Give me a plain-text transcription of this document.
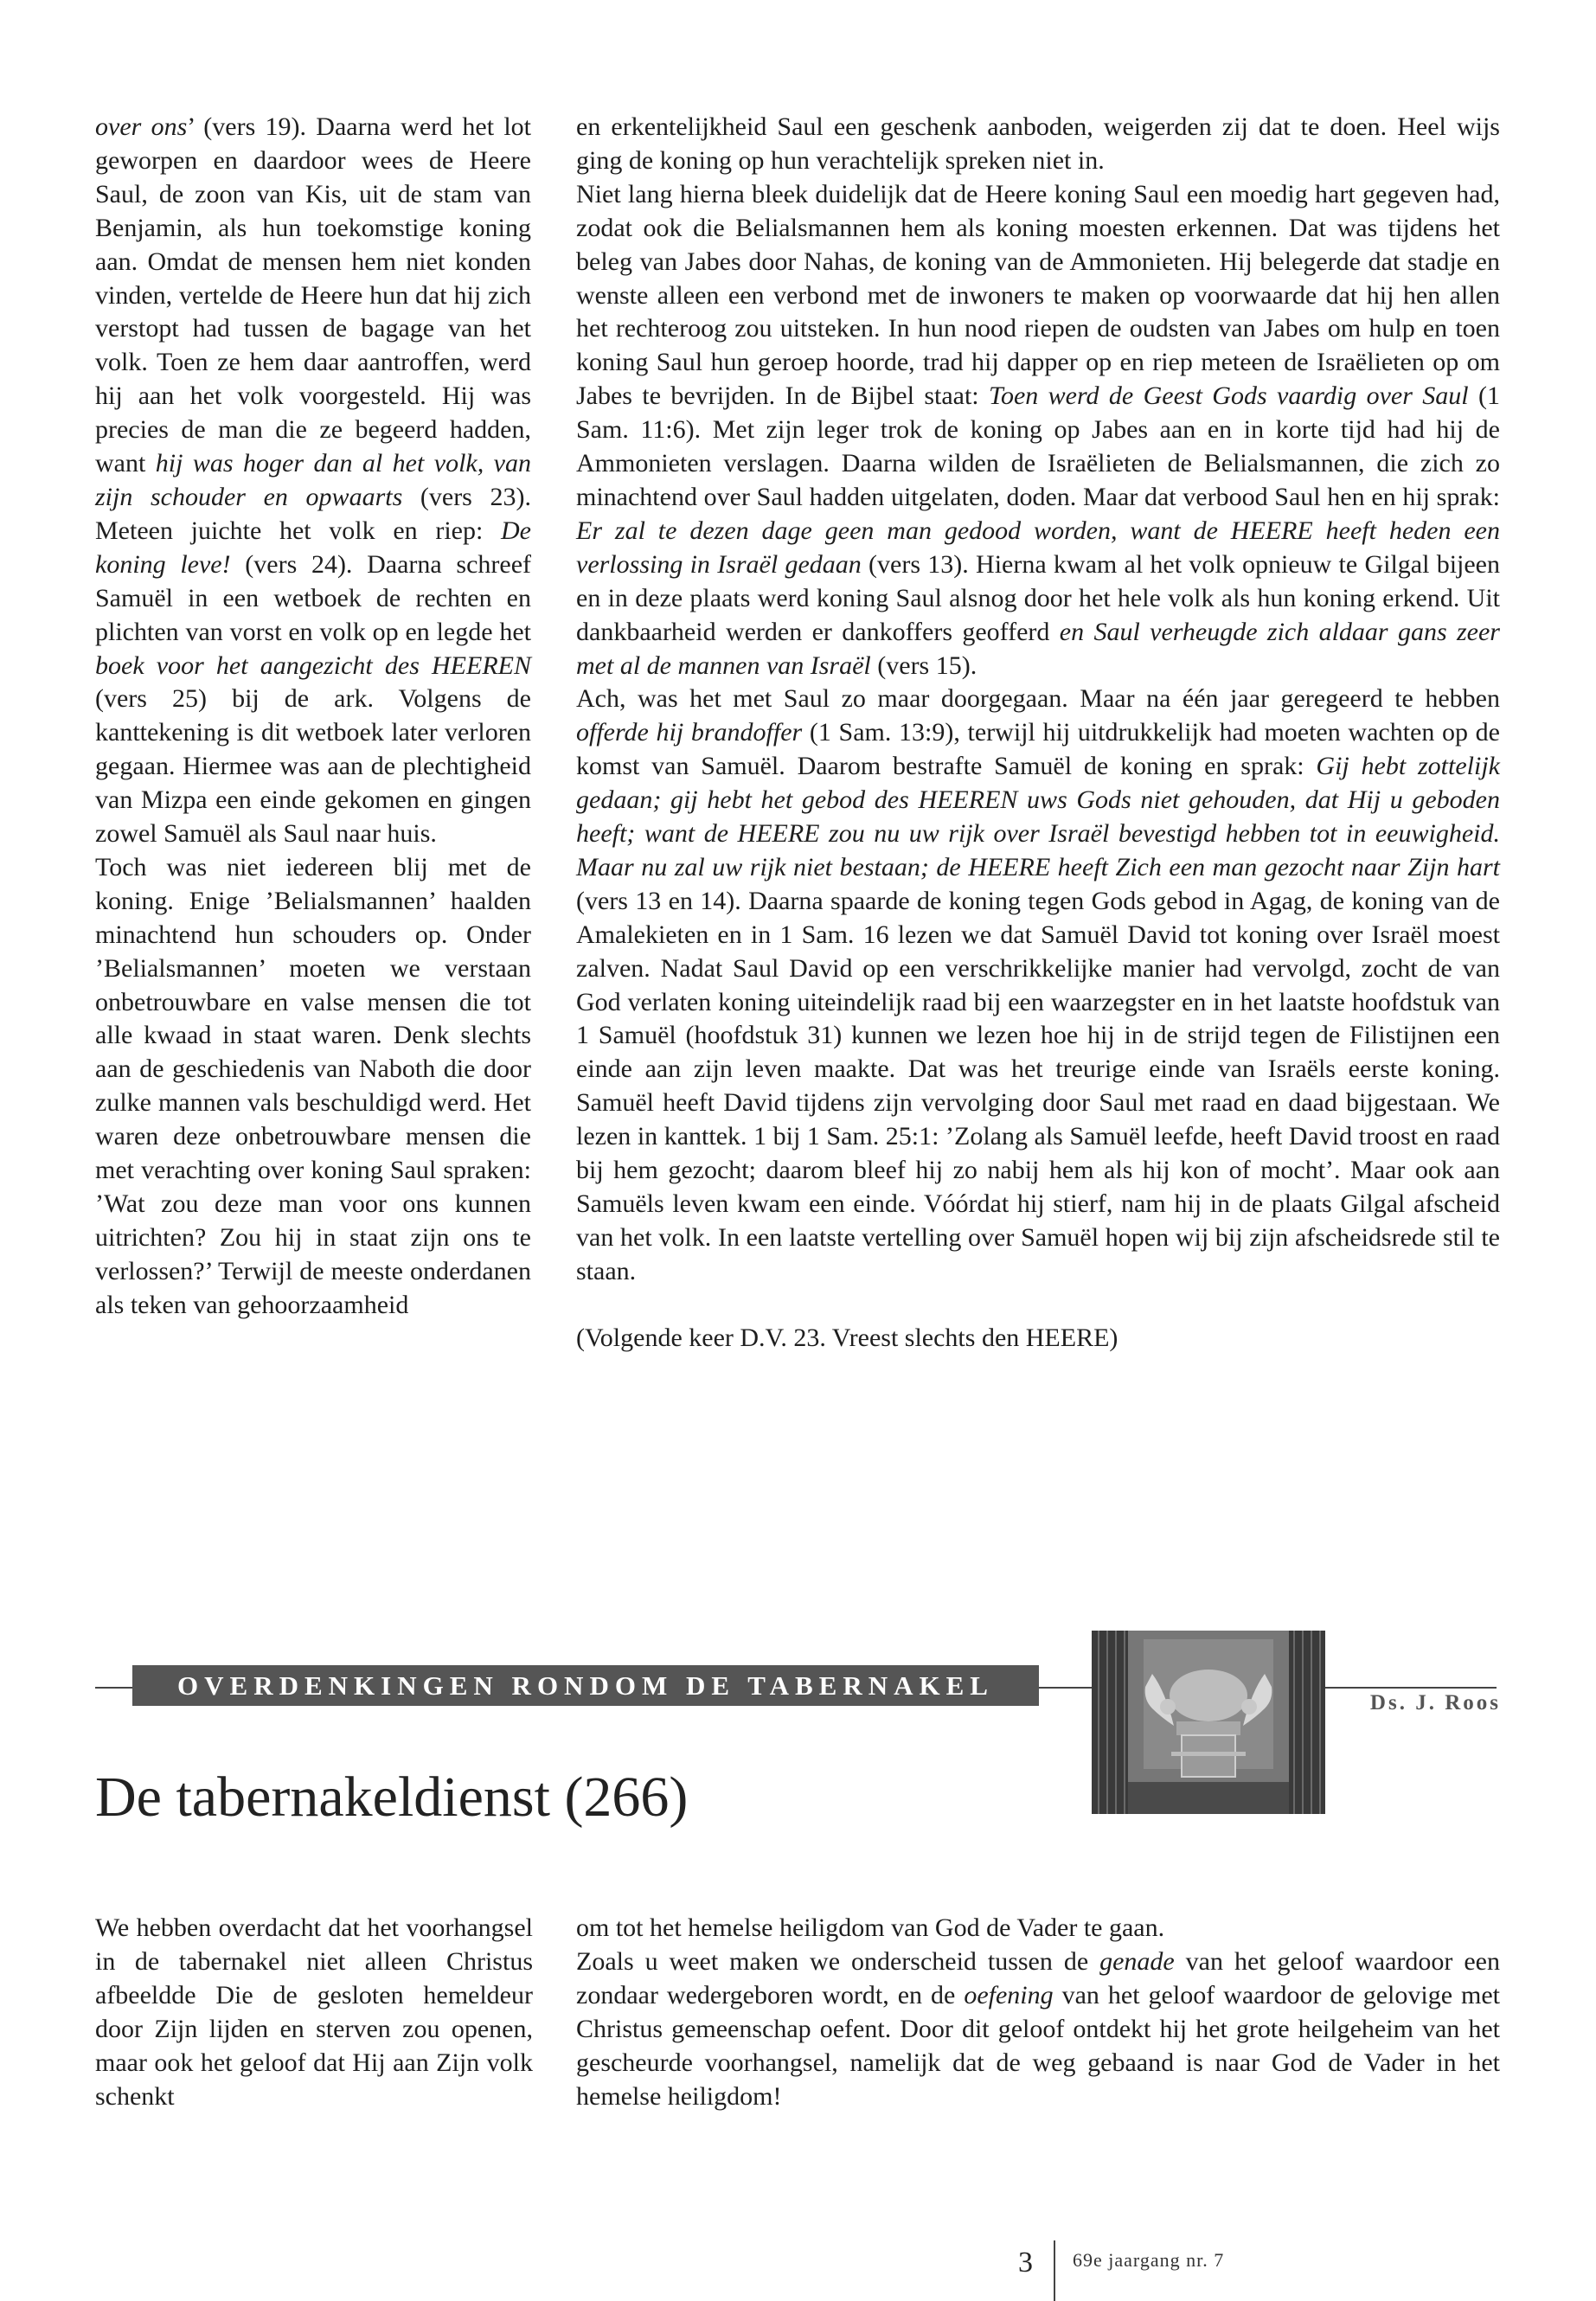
over ons’ (vers 19). Daarna werd het lot geworpen en daardoor wees de Heere Saul, de zoon van Kis, uit de stam van Benjamin, als hun toekomstige koning aan. Omdat de mensen hem niet konden vinden, vertelde de Heere hun dat hij zich verstopt had tussen de bagage van het volk. Toen ze hem daar aantroffen, werd hij aan het volk voorgesteld. Hij was precies de man die ze begeerd hadden, want hij was hoger dan al het volk, van zijn schouder en opwaarts (vers 23). Meteen juichte het volk en riep: De koning leve! (vers 24). Daarna schreef Samuël in een wetboek de rechten en plichten van vorst en volk op en legde het boek voor het aangezicht des HEEREN (vers 25) bij de ark. Volgens de kanttekening is dit wetboek later verloren gegaan. Hiermee was aan de plechtigheid van Mizpa een einde gekomen en gingen zowel Samuël als Saul naar huis.

Toch was niet iedereen blij met de koning. Enige ’Belialsmannen’ haalden minachtend hun schouders op. Onder ’Belialsmannen’ moeten we verstaan onbetrouwbare en valse mensen die tot alle kwaad in staat waren. Denk slechts aan de geschiedenis van Naboth die door zulke mannen vals beschuldigd werd. Het waren deze onbetrouwbare mensen die met verachting over koning Saul spraken: ’Wat zou deze man voor ons kunnen uitrichten? Zou hij in staat zijn ons te verlossen?’ Terwijl de meeste onderdanen als teken van gehoorzaamheid

en erkentelijkheid Saul een geschenk aanboden, weigerden zij dat te doen. Heel wijs ging de koning op hun verachtelijk spreken niet in.

Niet lang hierna bleek duidelijk dat de Heere koning Saul een moedig hart gegeven had, zodat ook die Belialsmannen hem als koning moesten erkennen. Dat was tijdens het beleg van Jabes door Nahas, de koning van de Ammonieten. Hij belegerde dat stadje en wenste alleen een verbond met de inwoners te maken op voorwaarde dat hij hen allen het rechteroog zou uitsteken. In hun nood riepen de oudsten van Jabes om hulp en toen koning Saul hun geroep hoorde, trad hij dapper op en riep meteen de Israëlieten op om Jabes te bevrijden. In de Bijbel staat: Toen werd de Geest Gods vaardig over Saul (1 Sam. 11:6). Met zijn leger trok de koning op Jabes aan en in korte tijd had hij de Ammonieten verslagen. Daarna wilden de Israëlieten de Belialsmannen, die zich zo minachtend over Saul hadden uitgelaten, doden. Maar dat verbood Saul hen en hij sprak: Er zal te dezen dage geen man gedood worden, want de HEERE heeft heden een verlossing in Israël gedaan (vers 13). Hierna kwam al het volk opnieuw te Gilgal bijeen en in deze plaats werd koning Saul alsnog door het hele volk als hun koning erkend. Uit dankbaarheid werden er dankoffers geofferd en Saul verheugde zich aldaar gans zeer met al de mannen van Israël (vers 15).

Ach, was het met Saul zo maar doorgegaan. Maar na één jaar geregeerd te hebben offerde hij brandoffer (1 Sam. 13:9), terwijl hij uitdrukkelijk had moeten wachten op de komst van Samuël. Daarom bestrafte Samuël de koning en sprak: Gij hebt zottelijk gedaan; gij hebt het gebod des HEEREN uws Gods niet gehouden, dat Hij u geboden heeft; want de HEERE zou nu uw rijk over Israël bevestigd hebben tot in eeuwigheid. Maar nu zal uw rijk niet bestaan; de HEERE heeft Zich een man gezocht naar Zijn hart (vers 13 en 14). Daarna spaarde de koning tegen Gods gebod in Agag, de koning van de Amalekieten en in 1 Sam. 16 lezen we dat Samuël David tot koning over Israël moest zalven. Nadat Saul David op een verschrikkelijke manier had vervolgd, zocht de van God verlaten koning uiteindelijk raad bij een waarzegster en in het laatste hoofdstuk van 1 Samuël (hoofdstuk 31) kunnen we lezen hoe hij in de strijd tegen de Filistijnen een einde aan zijn leven maakte. Dat was het treurige einde van Israëls eerste koning. Samuël heeft David tijdens zijn vervolging door Saul met raad en daad bijgestaan. We lezen in kanttek. 1 bij 1 Sam. 25:1: ’Zolang als Samuël leefde, heeft David troost en raad bij hem gezocht; daarom bleef hij zo nabij hem als hij kon of mocht’. Maar ook aan Samuëls leven kwam een einde. Vóórdat hij stierf, nam hij in de plaats Gilgal afscheid van het volk. In een laatste vertelling over Samuël hopen wij bij zijn afscheidsrede stil te staan.

(Volgende keer D.V. 23. Vreest slechts den HEERE)

OVERDENKINGEN RONDOM DE TABERNAKEL
Ds. J. Roos
De tabernakeldienst (266)

We hebben overdacht dat het voorhangsel in de tabernakel niet alleen Christus afbeeldde Die de gesloten hemeldeur door Zijn lijden en sterven zou openen, maar ook het geloof dat Hij aan Zijn volk schenkt

om tot het hemelse heiligdom van God de Vader te gaan.

Zoals u weet maken we onderscheid tussen de genade van het geloof waardoor een zondaar wedergeboren wordt, en de oefening van het geloof waardoor de gelovige met Christus gemeenschap oefent. Door dit geloof ontdekt hij het grote heilgeheim van het gescheurde voorhangsel, namelijk dat de weg gebaand is naar God de Vader in het hemelse heiligdom!

3 69e jaargang nr. 7
